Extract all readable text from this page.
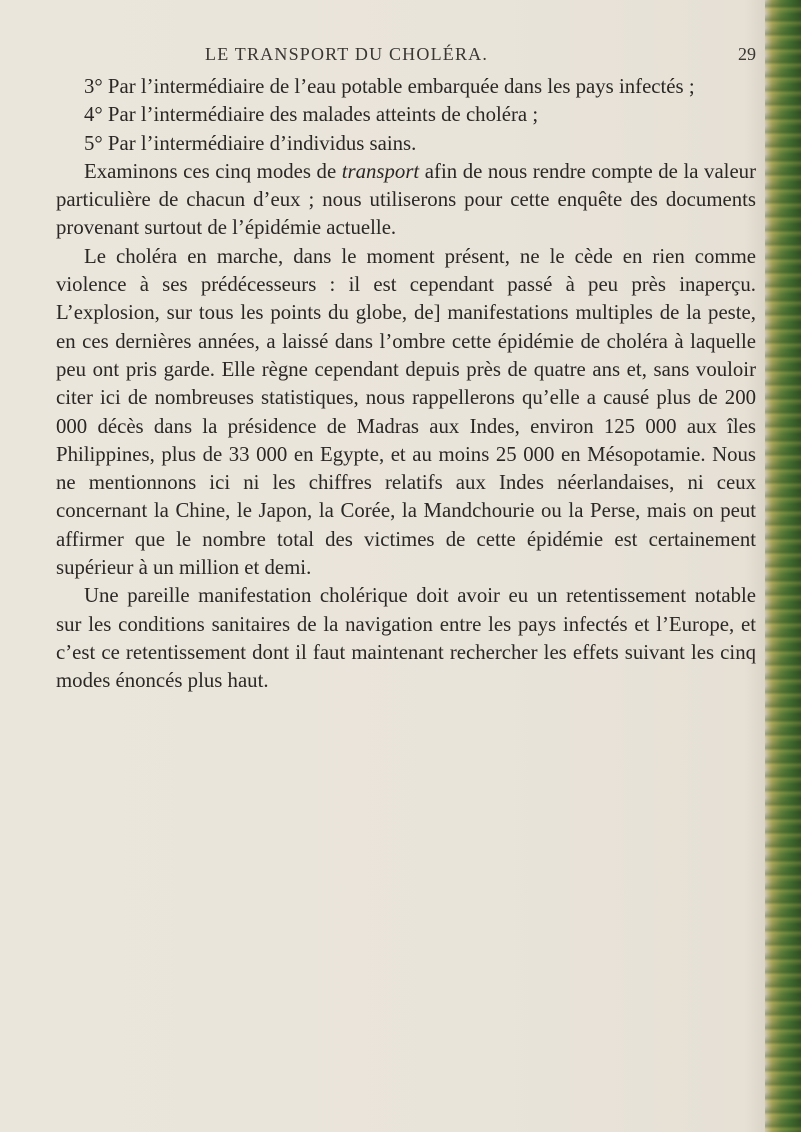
LE TRANSPORT DU CHOLÉRA.	29

3° Par l’intermédiaire de l’eau potable embarquée dans les pays infectés ;

4° Par l’intermédiaire des malades atteints de choléra ;

5° Par l’intermédiaire d’individus sains.

Examinons ces cinq modes de transport afin de nous rendre compte de la valeur particulière de chacun d’eux ; nous utiliserons pour cette enquête des documents provenant surtout de l’épidémie actuelle.

Le choléra en marche, dans le moment présent, ne le cède en rien comme violence à ses prédécesseurs : il est cependant passé à peu près inaperçu. L’explosion, sur tous les points du globe, de] manifestations multiples de la peste, en ces dernières années, a laissé dans l’ombre cette épidémie de choléra à laquelle peu ont pris garde. Elle règne cependant depuis près de quatre ans et, sans vouloir citer ici de nombreuses statistiques, nous rappellerons qu’elle a causé plus de 200 000 décès dans la présidence de Madras aux Indes, environ 125 000 aux îles Philippines, plus de 33 000 en Egypte, et au moins 25 000 en Mésopotamie. Nous ne mentionnons ici ni les chiffres relatifs aux Indes néerlandaises, ni ceux concernant la Chine, le Japon, la Corée, la Mandchourie ou la Perse, mais on peut affirmer que le nombre total des victimes de cette épidémie est certainement supérieur à un million et demi.

Une pareille manifestation cholérique doit avoir eu un retentissement notable sur les conditions sanitaires de la navigation entre les pays infectés et l’Europe, et c’est ce retentissement dont il faut maintenant rechercher les effets suivant les cinq modes énoncés plus haut.
